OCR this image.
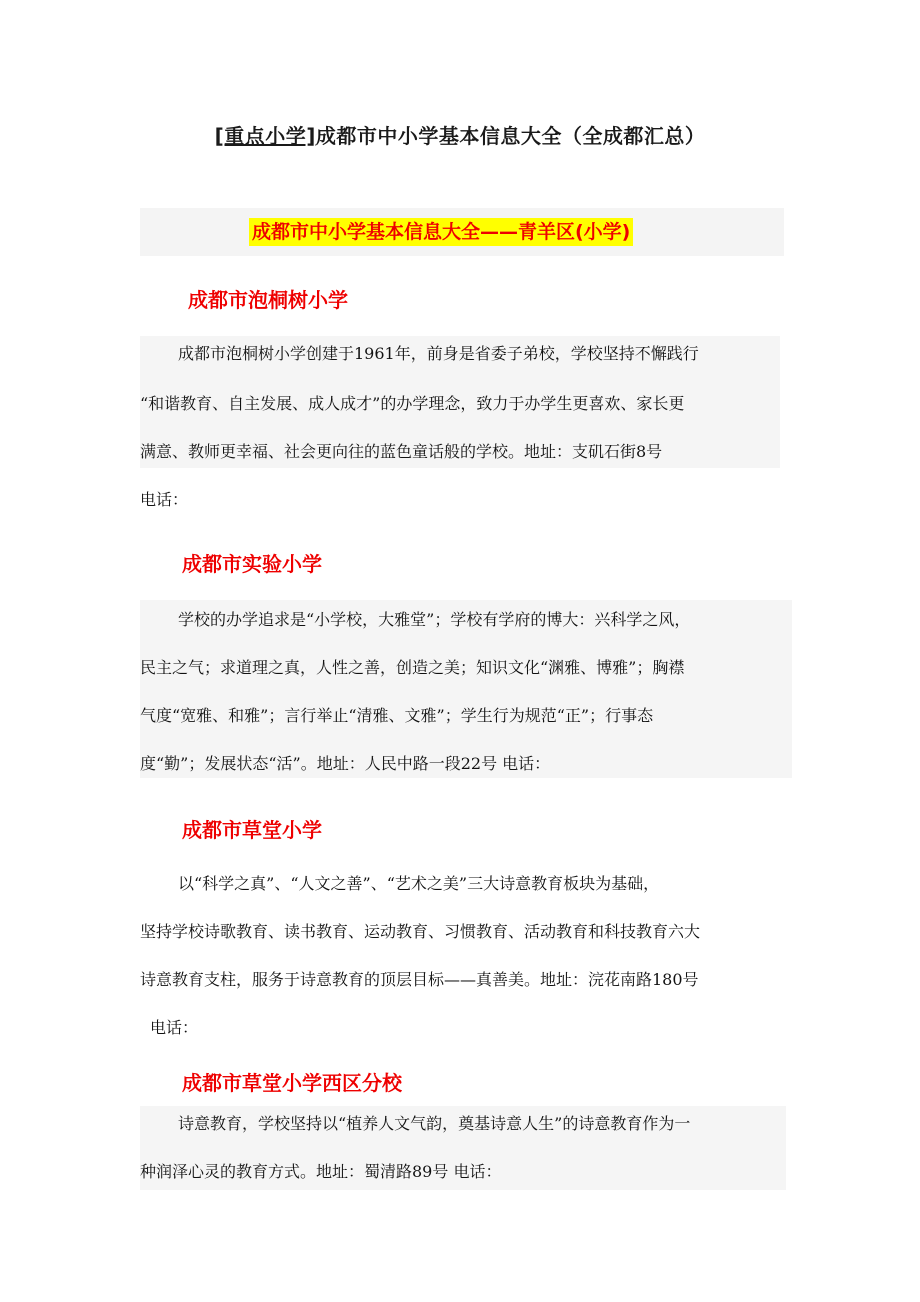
[重点小学]成都市中小学基本信息大全（全成都汇总）
成都市中小学基本信息大全——青羊区(小学)
成都市泡桐树小学
成都市泡桐树小学创建于1961年，前身是省委子弟校，学校坚持不懈践行
“和谐教育、自主发展、成人成才”的办学理念，致力于办学生更喜欢、家长更
满意、教师更幸福、社会更向往的蓝色童话般的学校。地址：支矶石街8号
电话：
成都市实验小学
学校的办学追求是“小学校，大雅堂”；学校有学府的博大：兴科学之风，
民主之气；求道理之真，人性之善，创造之美；知识文化“渊雅、博雅”；胸襟
气度“宽雅、和雅”；言行举止“清雅、文雅”；学生行为规范“正”；行事态
度“勤”；发展状态“活”。地址：人民中路一段22号 电话：
成都市草堂小学
以“科学之真”、“人文之善”、“艺术之美”三大诗意教育板块为基础，
坚持学校诗歌教育、读书教育、运动教育、习惯教育、活动教育和科技教育六大
诗意教育支柱，服务于诗意教育的顶层目标——真善美。地址：浣花南路180号
电话：
成都市草堂小学西区分校
诗意教育，学校坚持以“植养人文气韵，奠基诗意人生”的诗意教育作为一
种润泽心灵的教育方式。地址：蜀清路89号 电话：
